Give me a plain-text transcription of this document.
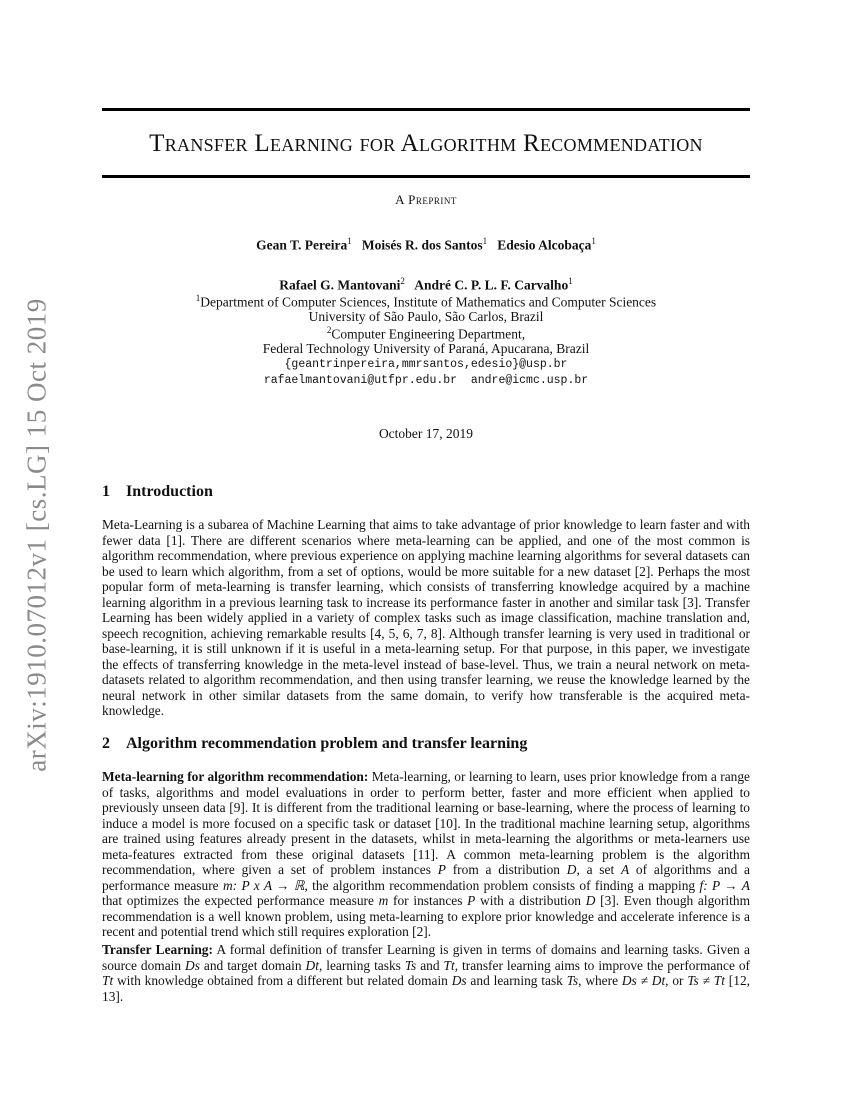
arXiv:1910.07012v1 [cs.LG] 15 Oct 2019
Transfer Learning for Algorithm Recommendation
A Preprint
Gean T. Pereira$^1$ Moisés R. dos Santos$^1$ Edesio Alcobaça$^1$
Rafael G. Mantovani$^2$ André C. P. L. F. Carvalho$^1$
$^1$Department of Computer Sciences, Institute of Mathematics and Computer Sciences
University of São Paulo, São Carlos, Brazil
$^2$Computer Engineering Department,
Federal Technology University of Paraná, Apucarana, Brazil
{geantrinpereira,mmrsantos,edesio}@usp.br
rafaelmantovani@utfpr.edu.br  andre@icmc.usp.br
October 17, 2019
1 Introduction
Meta-Learning is a subarea of Machine Learning that aims to take advantage of prior knowledge to learn faster and with fewer data [1]. There are different scenarios where meta-learning can be applied, and one of the most common is algorithm recommendation, where previous experience on applying machine learning algorithms for several datasets can be used to learn which algorithm, from a set of options, would be more suitable for a new dataset [2]. Perhaps the most popular form of meta-learning is transfer learning, which consists of transferring knowledge acquired by a machine learning algorithm in a previous learning task to increase its performance faster in another and similar task [3]. Transfer Learning has been widely applied in a variety of complex tasks such as image classification, machine translation and, speech recognition, achieving remarkable results [4, 5, 6, 7, 8]. Although transfer learning is very used in traditional or base-learning, it is still unknown if it is useful in a meta-learning setup. For that purpose, in this paper, we investigate the effects of transferring knowledge in the meta-level instead of base-level. Thus, we train a neural network on meta-datasets related to algorithm recommendation, and then using transfer learning, we reuse the knowledge learned by the neural network in other similar datasets from the same domain, to verify how transferable is the acquired meta-knowledge.
2 Algorithm recommendation problem and transfer learning
Meta-learning for algorithm recommendation: Meta-learning, or learning to learn, uses prior knowledge from a range of tasks, algorithms and model evaluations in order to perform better, faster and more efficient when applied to previously unseen data [9]. It is different from the traditional learning or base-learning, where the process of learning to induce a model is more focused on a specific task or dataset [10]. In the traditional machine learning setup, algorithms are trained using features already present in the datasets, whilst in meta-learning the algorithms or meta-learners use meta-features extracted from these original datasets [11]. A common meta-learning problem is the algorithm recommendation, where given a set of problem instances P from a distribution D, a set A of algorithms and a performance measure m: P x A → ℝ, the algorithm recommendation problem consists of finding a mapping f: P → A that optimizes the expected performance measure m for instances P with a distribution D [3]. Even though algorithm recommendation is a well known problem, using meta-learning to explore prior knowledge and accelerate inference is a recent and potential trend which still requires exploration [2].
Transfer Learning: A formal definition of transfer Learning is given in terms of domains and learning tasks. Given a source domain Ds and target domain Dt, learning tasks Ts and Tt, transfer learning aims to improve the performance of Tt with knowledge obtained from a different but related domain Ds and learning task Ts, where Ds ≠ Dt, or Ts ≠ Tt [12, 13].
